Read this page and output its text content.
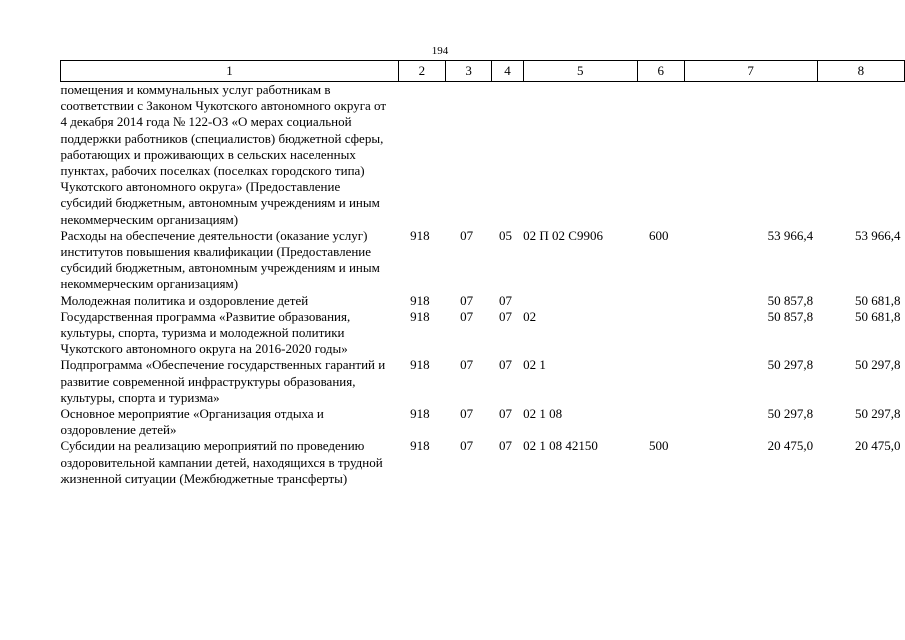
194
1	2	3	4	5	6	7	8
помещения и коммунальных услуг работникам в соответствии с Законом Чукотского автономного округа от 4 декабря 2014 года № 122-ОЗ «О мерах социальной поддержки работников (специалистов) бюджетной сферы, работающих и проживающих в сельских населенных пунктах, рабочих поселках (поселках городского типа) Чукотского автономного округа» (Предоставление субсидий бюджетным, автономным учреждениям и иным некоммерческим организациям)							
Расходы на обеспечение деятельности (оказание услуг) институтов повышения квалификации (Предоставление субсидий бюджетным, автономным учреждениям и иным некоммерческим организациям)	918	07	05	02 П 02 С9906	600	53 966,4	53 966,4
Молодежная политика и оздоровление детей	918	07	07			50 857,8	50 681,8
Государственная программа «Развитие образования, культуры, спорта, туризма и молодежной политики Чукотского автономного округа на 2016-2020 годы»	918	07	07	02		50 857,8	50 681,8
Подпрограмма «Обеспечение государственных гарантий и развитие современной инфраструктуры образования, культуры, спорта и туризма»	918	07	07	02 1		50 297,8	50 297,8
Основное мероприятие «Организация отдыха и оздоровление детей»	918	07	07	02 1 08		50 297,8	50 297,8
Субсидии на реализацию мероприятий по проведению оздоровительной кампании детей, находящихся в трудной жизненной ситуации (Межбюджетные трансферты)	918	07	07	02 1 08 42150	500	20 475,0	20 475,0
